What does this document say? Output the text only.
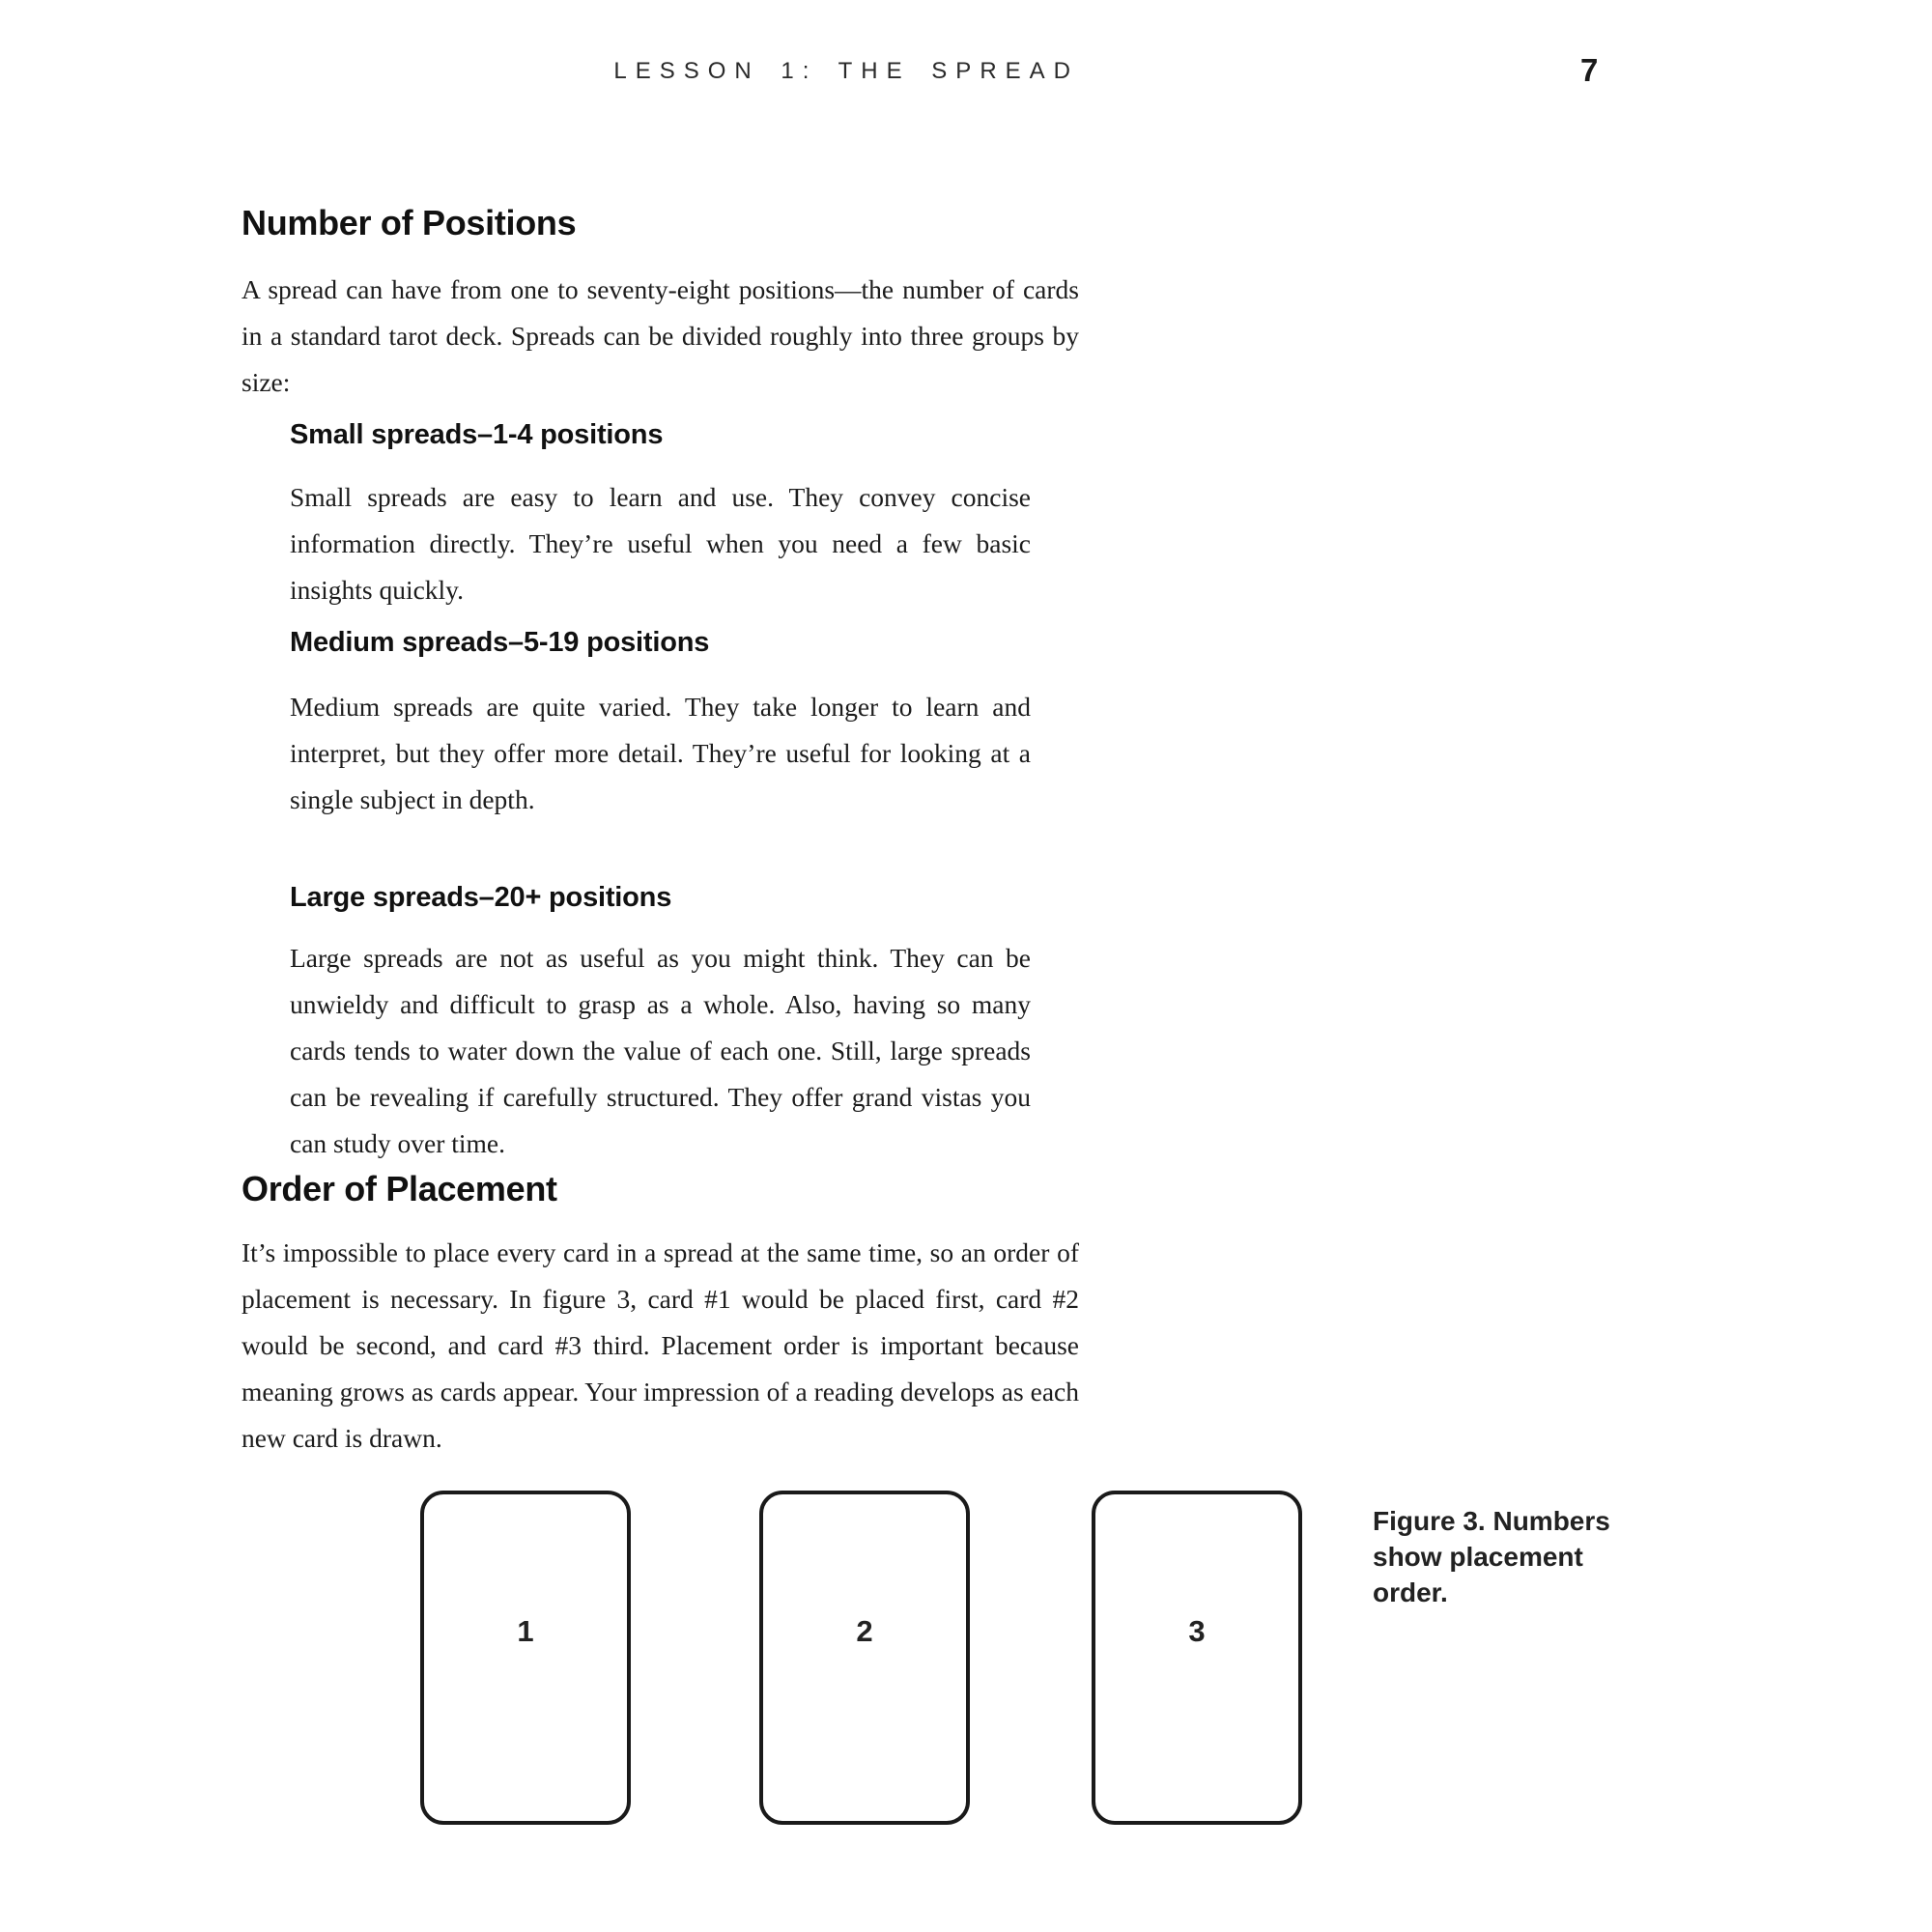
LESSON 1: THE SPREAD	7
Number of Positions
A spread can have from one to seventy-eight positions—the number of cards in a standard tarot deck. Spreads can be divided roughly into three groups by size:
Small spreads–1-4 positions
Small spreads are easy to learn and use. They convey concise information directly. They’re useful when you need a few basic insights quickly.
Medium spreads–5-19 positions
Medium spreads are quite varied. They take longer to learn and interpret, but they offer more detail. They’re useful for looking at a single subject in depth.
Large spreads–20+ positions
Large spreads are not as useful as you might think. They can be unwieldy and difficult to grasp as a whole. Also, having so many cards tends to water down the value of each one. Still, large spreads can be revealing if carefully structured. They offer grand vistas you can study over time.
Order of Placement
It’s impossible to place every card in a spread at the same time, so an order of placement is necessary. In figure 3, card #1 would be placed first, card #2 would be second, and card #3 third. Placement order is important because meaning grows as cards appear. Your impression of a reading develops as each new card is drawn.
1	2	3
Figure 3. Numbers show placement order.
